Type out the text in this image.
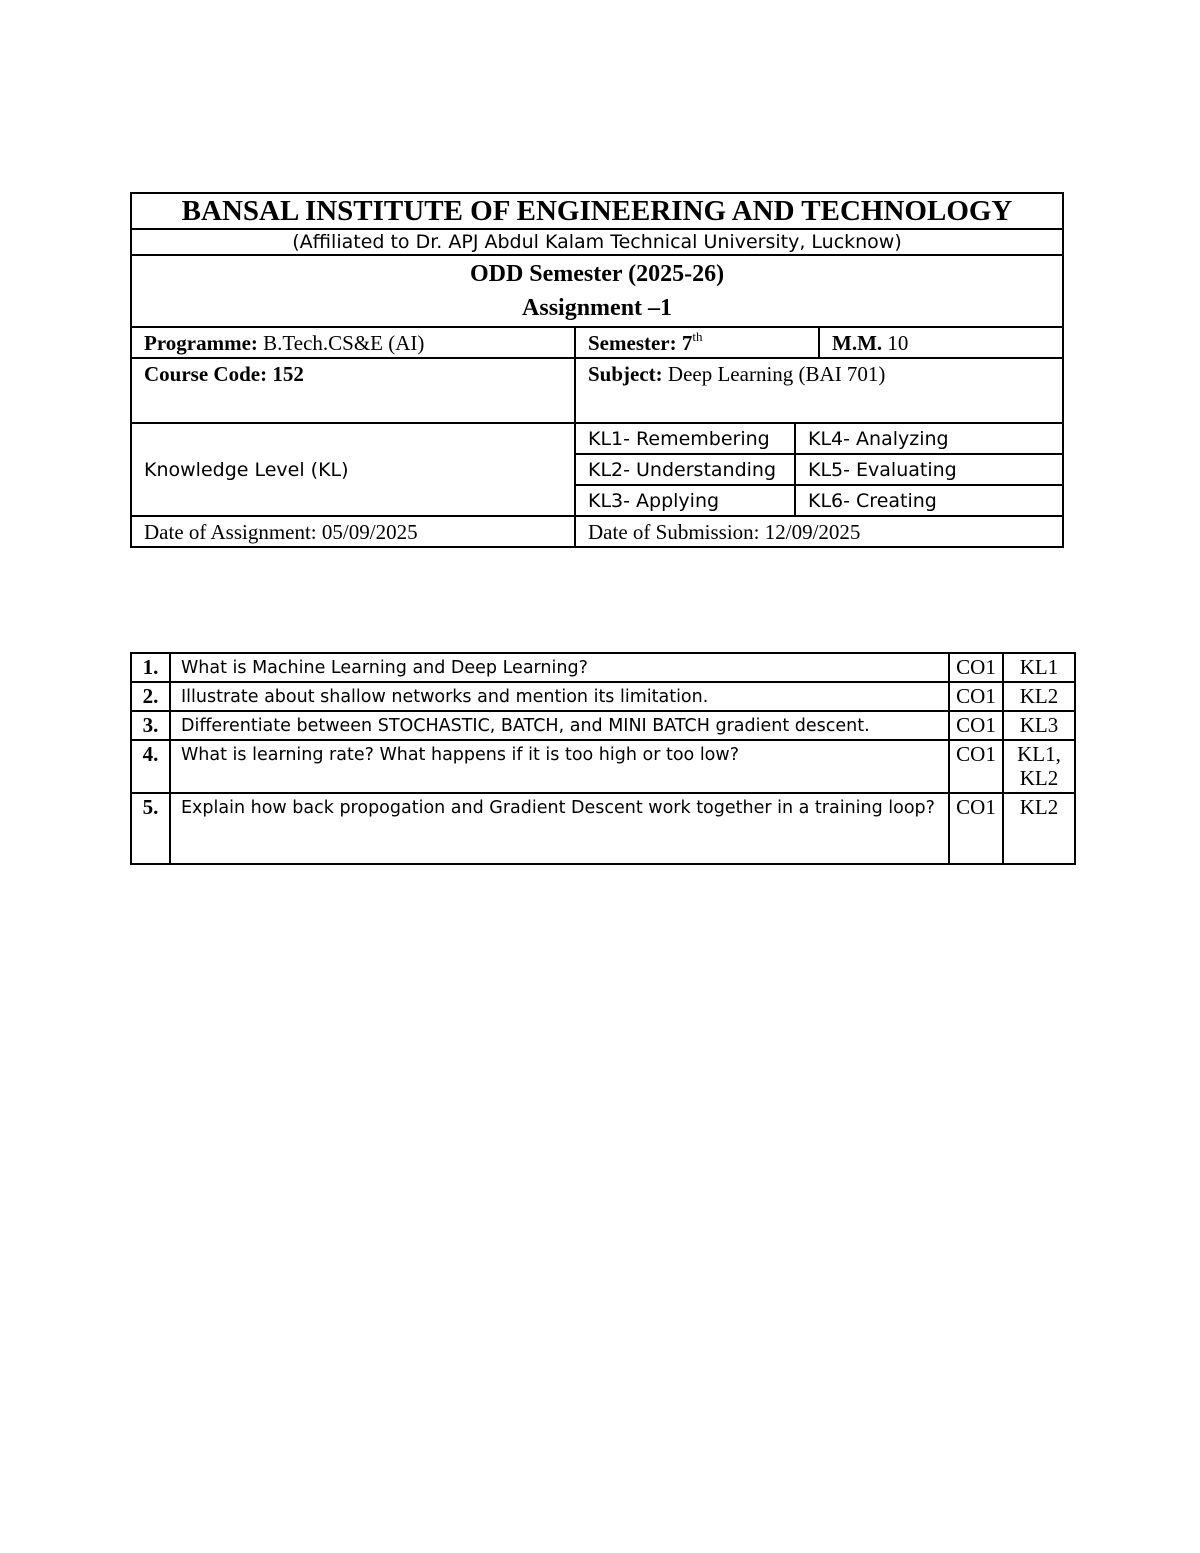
BANSAL INSTITUTE OF ENGINEERING AND TECHNOLOGY			
(Affiliated to Dr. APJ Abdul Kalam Technical University, Lucknow)			

ODD Semester (2025-26)
Assignment –1			

Programme: B.Tech.CS&E (AI)	Semester: 7th		M.M. 10
Course Code: 152	Subject: Deep Learning (BAI 701)		
Knowledge Level (KL)	KL1- Remembering	KL4- Analyzing	
	KL2- Understanding	KL5- Evaluating	
	KL3- Applying	KL6- Creating	
Date of Assignment: 05/09/2025	Date of Submission: 12/09/2025		
1.	What is Machine Learning and Deep Learning?	CO1	KL1
2.	Illustrate about shallow networks and mention its limitation.	CO1	KL2
3.	Differentiate between STOCHASTIC, BATCH, and MINI BATCH gradient descent.	CO1	KL3
4.	What is learning rate? What happens if it is too high or too low?	CO1	KL1, KL2
5.	Explain how back propogation and Gradient Descent work together in a training loop?	CO1	KL2
